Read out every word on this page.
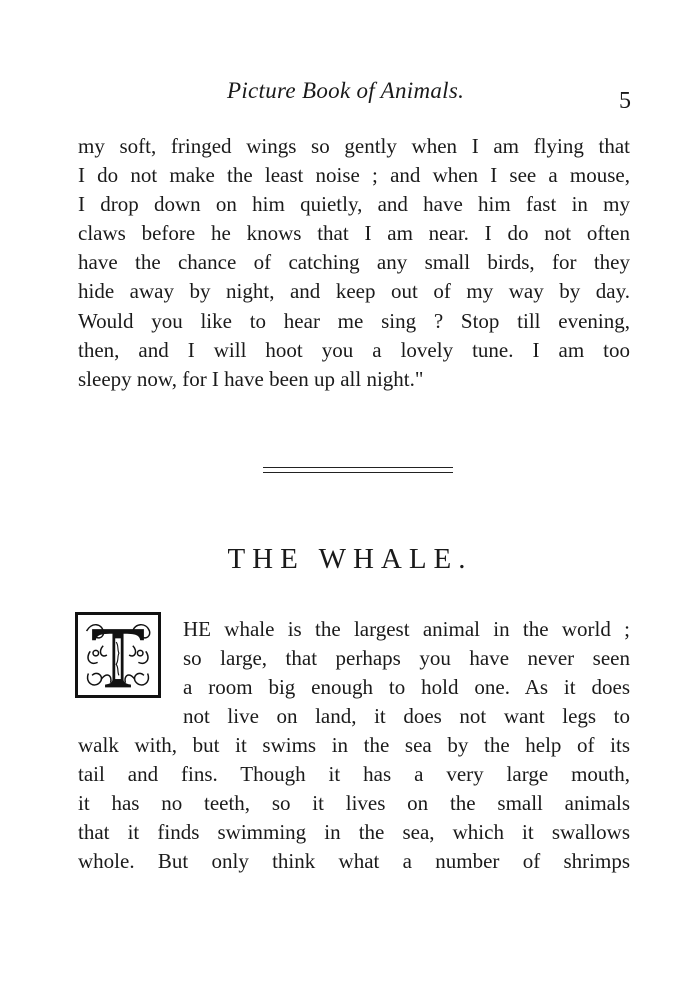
Picture Book of Animals.	5
my soft, fringed wings so gently when I am flying that
I do not make the least noise ; and when I see a mouse,
I drop down on him quietly, and have him fast in my
claws before he knows that I am near. I do not often
have the chance of catching any small birds, for they
hide away by night, and keep out of my way by day.
Would you like to hear me sing ? Stop till evening,
then, and I will hoot you a lovely tune. I am too
sleepy now, for I have been up all night."
THE WHALE.
HE whale is the largest animal in the world ;
so large, that perhaps you have never seen
a room big enough to hold one. As it does
not live on land, it does not want legs to
walk with, but it swims in the sea by the help of its
tail and fins. Though it has a very large mouth,
it has no teeth, so it lives on the small animals
that it finds swimming in the sea, which it swallows
whole. But only think what a number of shrimps
